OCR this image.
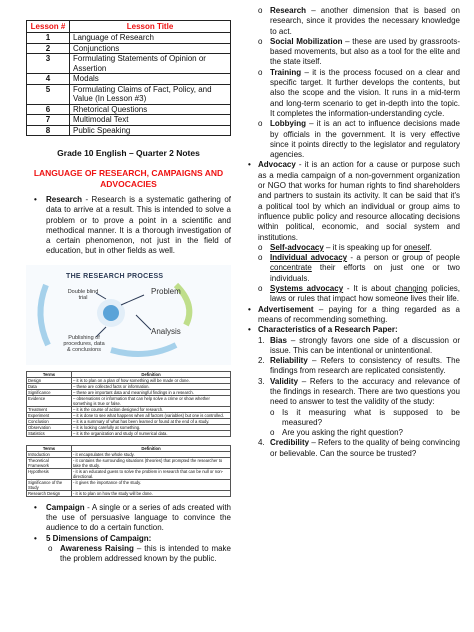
Lesson #	Lesson Title
1	Language of Research
2	Conjunctions
3	Formulating Statements of Opinion or Assertion
4	Modals
5	Formulating Claims of Fact, Policy, and Value (In Lesson #3)
6	Rhetorical Questions
7	Multimodal Text
8	Public Speaking
Grade 10 English – Quarter 2 Notes
LANGUAGE OF RESEARCH, CAMPAIGNS AND ADVOCACIES
• Research - Research is a systematic gathering of data to arrive at a result. This is intended to solve a problem or to prove a point in a scientific and methodical manner. It is a thorough investigation of a certain phenomenon, not just in the field of education, but in other fields as well.
THE RESEARCH PROCESS
Problem
Analysis
Double blind trial
Publishing of procedures, data & conclusions
Terms	Definition
Design	– it is to plan on a plan of how something will be made or done.
Data	– these are collected facts or information.
Significance	– these are important data and meaningful findings in a research.
Evidence	– observations or information that can help solve a crime or show whether something is true or false.
Treatment	– it is the course of action designed for research.
Experiment	– it is done to see what happens when all factors (variables) but one is controlled.
Conclusion	– it is a summary of what has been learned or found at the end of a study.
Observation	– it is looking carefully at something.
Statistics	– it is the organization and study of numerical data.
Terms	Definition
Introduction	- it encapsulates the whole study.
Theoretical Framework	- it contains the surrounding situations (theories) that prompted the researcher to take the study.
Hypothesis	- it is an educated guess to solve the problem in research that can be null or non-directional.
Significance of the Study	- it gives the importance of the study.
Research Design	- it is to plan on how the study will be done.
• Campaign - A single or a series of ads created with the use of persuasive language to convince the audience to do a certain function.
• 5 Dimensions of Campaign:
o Awareness Raising – this is intended to make the problem addressed known by the public.
o Research – another dimension that is based on research, since it provides the necessary knowledge to act.
o Social Mobilization – these are used by grassroots-based movements, but also as a tool for the elite and the state itself.
o Training – it is the process focused on a clear and specific target. It further develops the contents, but also the scope and the vision. It runs in a mid-term and long-term scenario to get in-depth into the topic. It completes the information-understanding cycle.
o Lobbying – it is an act to influence decisions made by officials in the government. It is very effective since it points directly to the legislator and regulatory agencies.
• Advocacy - it is an action for a cause or purpose such as a media campaign of a non-government organization or NGO that works for human rights to find shareholders and partners to sustain its activity. It can be said that it's a political tool by which an individual or group aims to influence public policy and resource allocating decisions within political, economic, and social system and institutions.
o Self-advocacy – it is speaking up for oneself.
o Individual advocacy - a person or group of people concentrate their efforts on just one or two individuals.
o Systems advocacy - It is about changing policies, laws or rules that impact how someone lives their life.
• Advertisement – paying for a thing regarded as a means of recommending something.
• Characteristics of a Research Paper:
1. Bias – strongly favors one side of a discussion or issue. This can be intentional or unintentional.
2. Reliability – Refers to consistency of results. The findings from research are replicated consistently.
3. Validity – Refers to the accuracy and relevance of the findings in research. There are two questions you need to answer to test the validity of the study:
o Is it measuring what is supposed to be measured?
o Are you asking the right question?
4. Credibility – Refers to the quality of being convincing or believable. Can the source be trusted?
